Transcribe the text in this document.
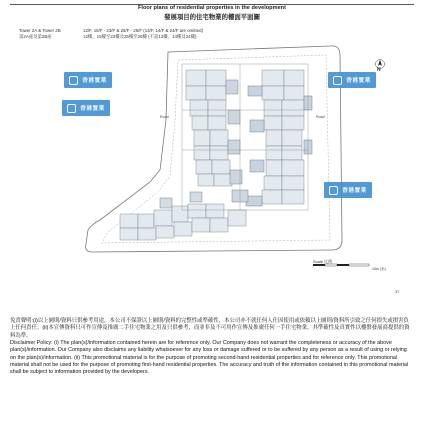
Floor plans of residential properties in the development
發展項目的住宅物業的樓面平面圖
Tower 2A & Tower 2B
第2A座及第2B座
12/F, 15/F - 23/F & 25/F - 26/F (13/F, 14/F & 24/F are omitted)
12樓、15樓至23樓及25樓至26樓 (不設13樓、14樓及24樓)
Road	Road
N
香港置業
香港置業
香港置業
香港置業
Scale 比例
10m (米)
37

免責聲明:(i)以上圖則/資料只供參考用途，本公司不保證以上圖則/資料的完整性或準確性，本公司亦不就任何人仕因使用或依賴以上圖則/資料所引致之任何損失或損害負上任何責任。(ii)本宣傳資料只可作宣傳及推廣二手住宅物業之用及只供參考，而並非及不可用作宣傳及推廣任何一手住宅物業，其準確性及真實性以樓盤發展商提供的資料為準。

Disclaimer Policy: (i) The plan(s)/information contained herein are for reference only. Our Company does not warrant the completeness or accuracy of the above plan(s)/information. Our Company also disclaims any liability whatsoever for any loss or damage suffered or to be suffered by any person as a result of using or relying on the plan(s)/information. (ii) This promotional material is for the purpose of promoting second-hand residential properties and for reference only. This promotional material shall not be used for the purpose of promoting first-hand residential properties. The accuracy and truth of the information contained in this promotional material shall be subject to information provided by the developers.
